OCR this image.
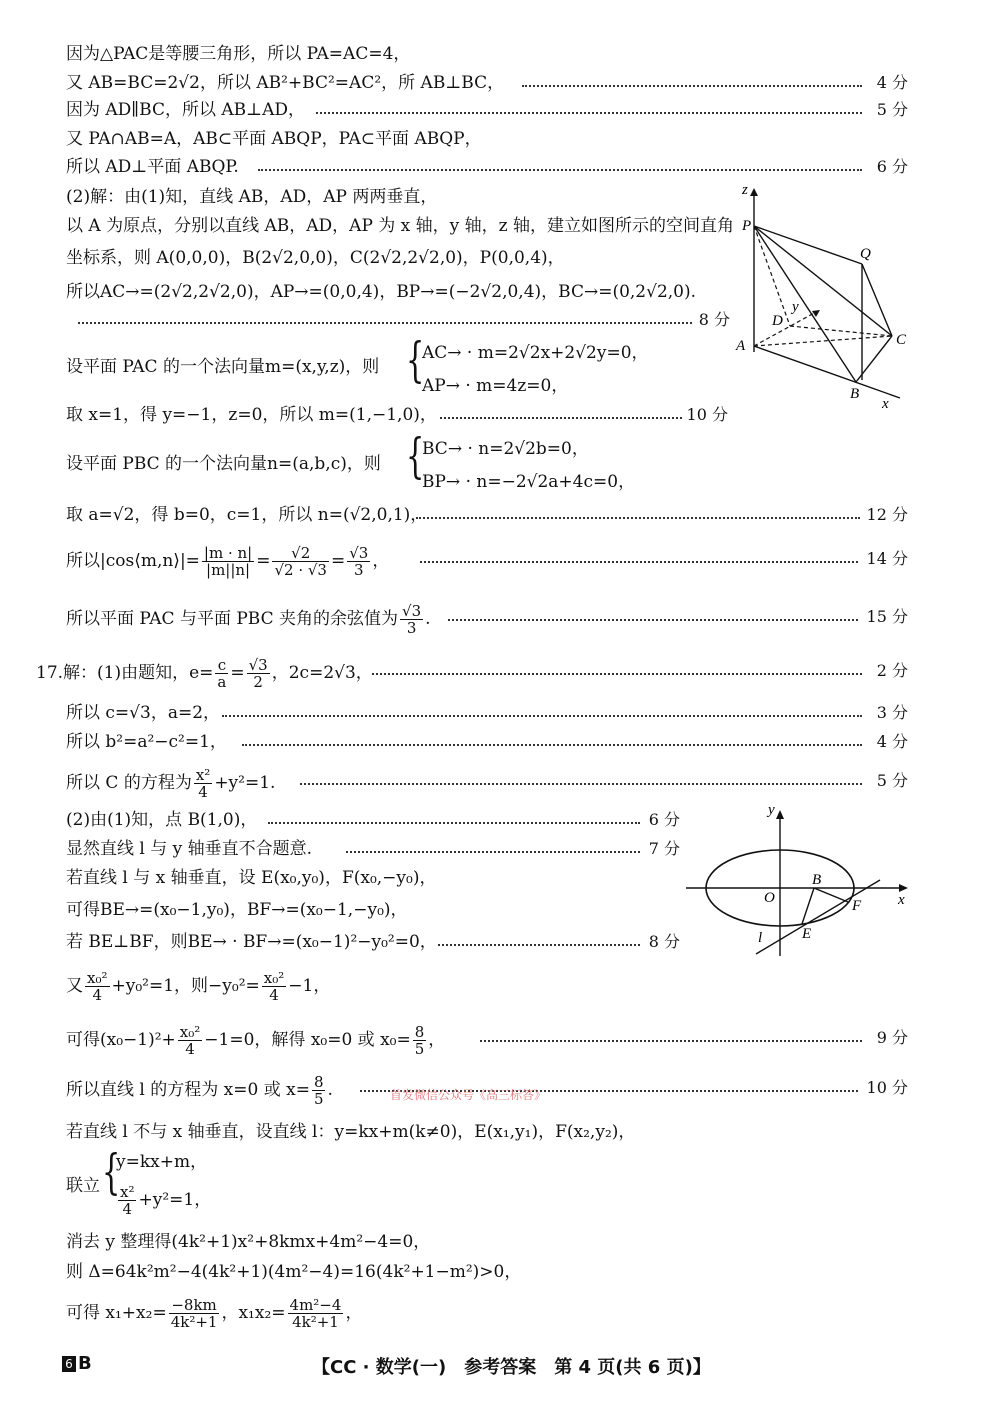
因为△PAC是等腰三角形，所以 PA=AC=4，
又 AB=BC=2√2，所以 AB²+BC²=AC²，所 AB⊥BC，	4 分
因为 AD∥BC，所以 AB⊥AD，	5 分
又 PA∩AB=A，AB⊂平面 ABQP，PA⊂平面 ABQP，
所以 AD⊥平面 ABQP.	6 分
(2)解：由(1)知，直线 AB，AD，AP 两两垂直，
以 A 为原点，分别以直线 AB，AD，AP 为 x 轴，y 轴，z 轴，建立如图所示的空间直角
坐标系，则 A(0,0,0)，B(2√2,0,0)，C(2√2,2√2,0)，P(0,0,4)，
所以AC→=(2√2,2√2,0)，AP→=(0,0,4)，BP→=(−2√2,0,4)，BC→=(0,2√2,0).
8 分
z
P
Q
D
y
A	C
B
x
设平面 PAC 的一个法向量m=(x,y,z)，则 {
AC→ · m=2√2x+2√2y=0，
AP→ · m=4z=0，
取 x=1，得 y=−1，z=0，所以 m=(1,−1,0)，	10 分
设平面 PBC 的一个法向量n=(a,b,c)，则 {
BC→ · n=2√2b=0，
BP→ · n=−2√2a+4c=0，
取 a=√2，得 b=0，c=1，所以 n=(√2,0,1)，	12 分
所以|cos⟨m,n⟩|= $\frac{|m \cdot n|}{|m||n|} = \frac{√2}{√2 \cdot √3} = \frac{√3}{3}$ ，	14 分
所以平面 PAC 与平面 PBC 夹角的余弦值为 $\frac{√3}{3}$ .	15 分
17.解：(1)由题知，$e= \frac{c}{a} = \frac{√3}{2}$ ，2c=2√3，	2 分
所以 c=√3，a=2，	3 分
所以 b²=a²−c²=1，	4 分
所以 C 的方程为 $\frac{\text{x²}}{4} +y^2=1$.	5 分
(2)由(1)知，点 B(1,0)，	6 分
显然直线 l 与 y 轴垂直不合题意.	7 分
若直线 l 与 x 轴垂直，设 E(x₀,y₀)，F(x₀,−y₀)，
可得BE→=(x₀−1,y₀)，BF→=(x₀−1,−y₀)，
若 BE⊥BF，则BE→ · BF→=(x₀−1)²−y₀²=0，	8 分
y
O
B
F x
l	E
又 $\frac{\text{x₀²}}{4} +y_0^2=1$，则$-y_0^2= \frac{\text{x₀²}}{4} -1$，
可得$(x_0-1)^2+ \frac{\text{x₀²}}{4} -1=0$，解得 x₀=0 或 $x_0= \frac{8}{5}$ ，	9 分
所以直线 l 的方程为 x=0 或 $x= \frac{8}{5}$ .	10 分
首发微信公众号《高三标答》
若直线 l 不与 x 轴垂直，设直线 l：y=kx+m(k≠0)，E(x₁,y₁)，F(x₂,y₂)，
联立 {
y=kx+m，
$\frac{\text{x²}}{4} +y^2=1$，
消去 y 整理得(4k²+1)x²+8kmx+4m²−4=0，
则 Δ=64k²m²−4(4k²+1)(4m²−4)=16(4k²+1−m²)>0，
可得 $x_1+x_2= \frac{-8km}{\text{4k²+1}}$ ，$x_1x_2= \frac{\text{4m²−4}}{\text{4k²+1}}$ ，
6 B	【CC · 数学(一)　参考答案　第 4 页(共 6 页)】
